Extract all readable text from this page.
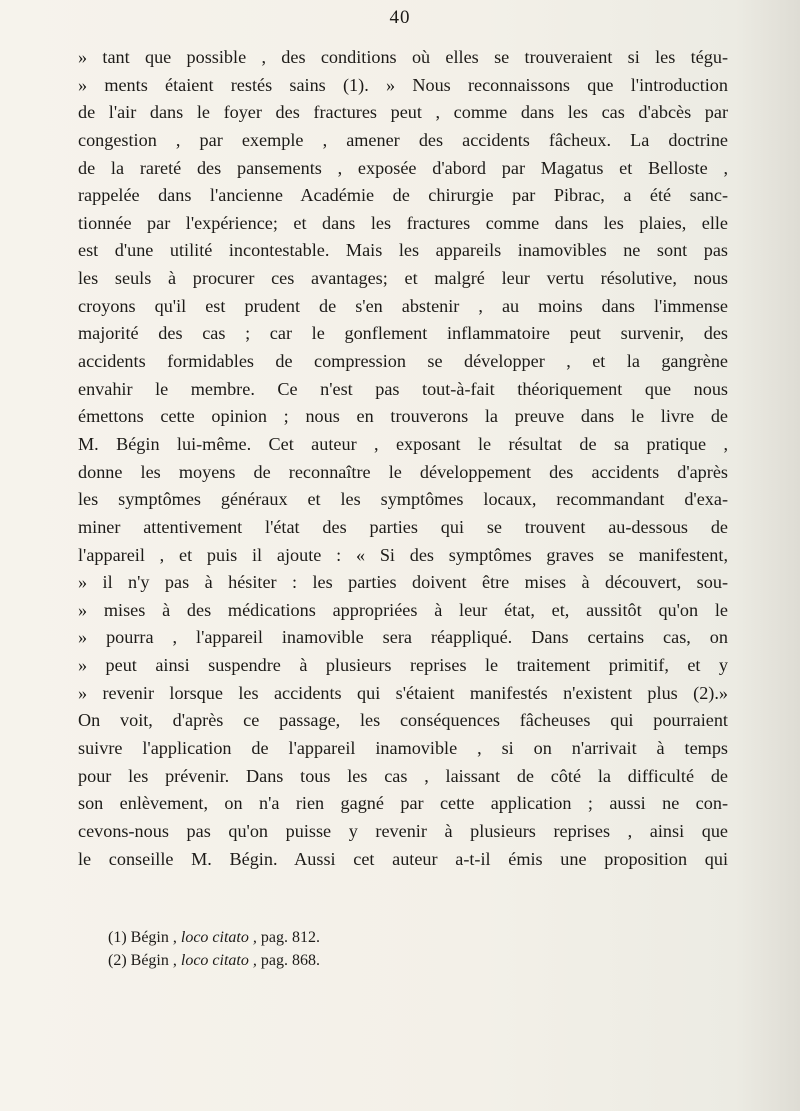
40
» tant que possible , des conditions où elles se trouveraient si les tégu-
» ments étaient restés sains (1). » Nous reconnaissons que l'introduction
de l'air dans le foyer des fractures peut , comme dans les cas d'abcès par
congestion , par exemple , amener des accidents fâcheux. La doctrine
de la rareté des pansements , exposée d'abord par Magatus et Belloste ,
rappelée dans l'ancienne Académie de chirurgie par Pibrac, a été sanc-
tionnée par l'expérience; et dans les fractures comme dans les plaies, elle
est d'une utilité incontestable. Mais les appareils inamovibles ne sont pas
les seuls à procurer ces avantages; et malgré leur vertu résolutive, nous
croyons qu'il est prudent de s'en abstenir , au moins dans l'immense
majorité des cas ; car le gonflement inflammatoire peut survenir, des
accidents formidables de compression se développer , et la gangrène
envahir le membre. Ce n'est pas tout-à-fait théoriquement que nous
émettons cette opinion ; nous en trouverons la preuve dans le livre de
M. Bégin lui-même. Cet auteur , exposant le résultat de sa pratique ,
donne les moyens de reconnaître le développement des accidents d'après
les symptômes généraux et les symptômes locaux, recommandant d'exa-
miner attentivement l'état des parties qui se trouvent au-dessous de
l'appareil , et puis il ajoute : « Si des symptômes graves se manifestent,
» il n'y pas à hésiter : les parties doivent être mises à découvert, sou-
» mises à des médications appropriées à leur état, et, aussitôt qu'on le
» pourra , l'appareil inamovible sera réappliqué. Dans certains cas, on
» peut ainsi suspendre à plusieurs reprises le traitement primitif, et y
» revenir lorsque les accidents qui s'étaient manifestés n'existent plus (2).»
On voit, d'après ce passage, les conséquences fâcheuses qui pourraient
suivre l'application de l'appareil inamovible , si on n'arrivait à temps
pour les prévenir. Dans tous les cas , laissant de côté la difficulté de
son enlèvement, on n'a rien gagné par cette application ; aussi ne con-
cevons-nous pas qu'on puisse y revenir à plusieurs reprises , ainsi que
le conseille M. Bégin. Aussi cet auteur a-t-il émis une proposition qui
(1) Bégin , loco citato , pag. 812.
(2) Bégin , loco citato , pag. 868.
